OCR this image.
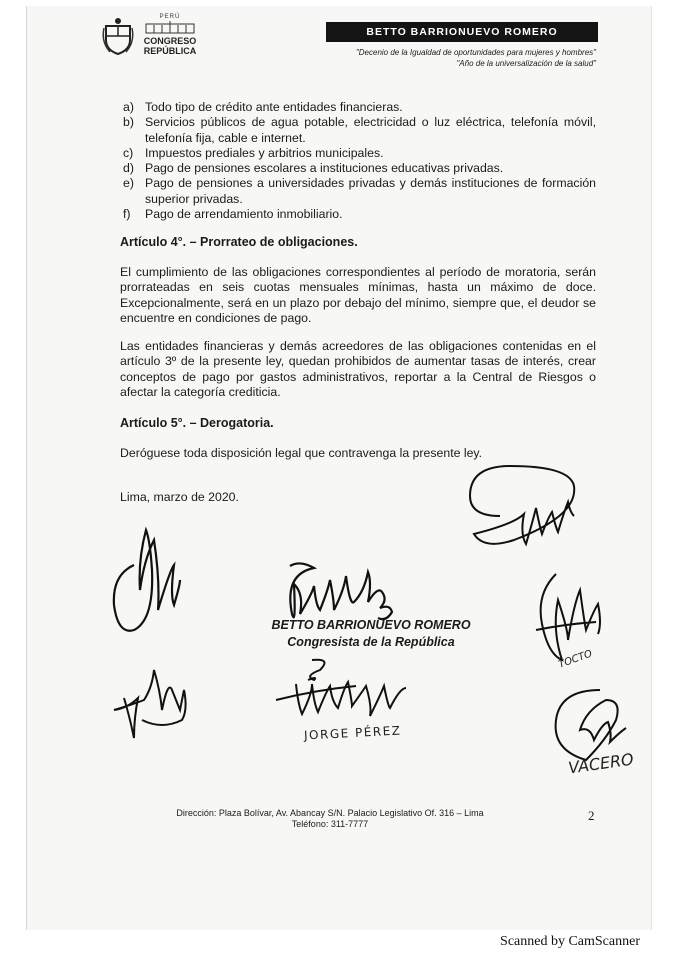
PERÚ
CONGRESO
REPÚBLICA
BETTO BARRIONUEVO ROMERO
"Decenio de la Igualdad de oportunidades para mujeres y hombres"
"Año de la universalización de la salud"
a) Todo tipo de crédito ante entidades financieras.
b) Servicios públicos de agua potable, electricidad o luz eléctrica, telefonía móvil, telefonía fija, cable e internet.
c) Impuestos prediales y arbitrios municipales.
d) Pago de pensiones escolares a instituciones educativas privadas.
e) Pago de pensiones a universidades privadas y demás instituciones de formación superior privadas.
f)	Pago de arrendamiento inmobiliario.
Artículo 4°. – Prorrateo de obligaciones.
El cumplimiento de las obligaciones correspondientes al período de moratoria, serán prorrateadas en seis cuotas mensuales mínimas, hasta un máximo de doce. Excepcionalmente, será en un plazo por debajo del mínimo, siempre que, el deudor se encuentre en condiciones de pago.
Las entidades financieras y demás acreedores de las obligaciones contenidas en el artículo 3º de la presente ley, quedan prohibidos de aumentar tasas de interés, crear conceptos de pago por gastos administrativos, reportar a la Central de Riesgos o afectar la categoría crediticia.
Artículo 5°. – Derogatoria.
Deróguese toda disposición legal que contravenga la presente ley.
Lima, marzo de 2020.
BETTO BARRIONUEVO ROMERO
Congresista de la República
JORGE PÉREZ
TOCTO
VACERO
Dirección: Plaza Bolívar, Av. Abancay S/N. Palacio Legislativo Of. 316 – Lima
Teléfono: 311-7777
2
Scanned by CamScanner
